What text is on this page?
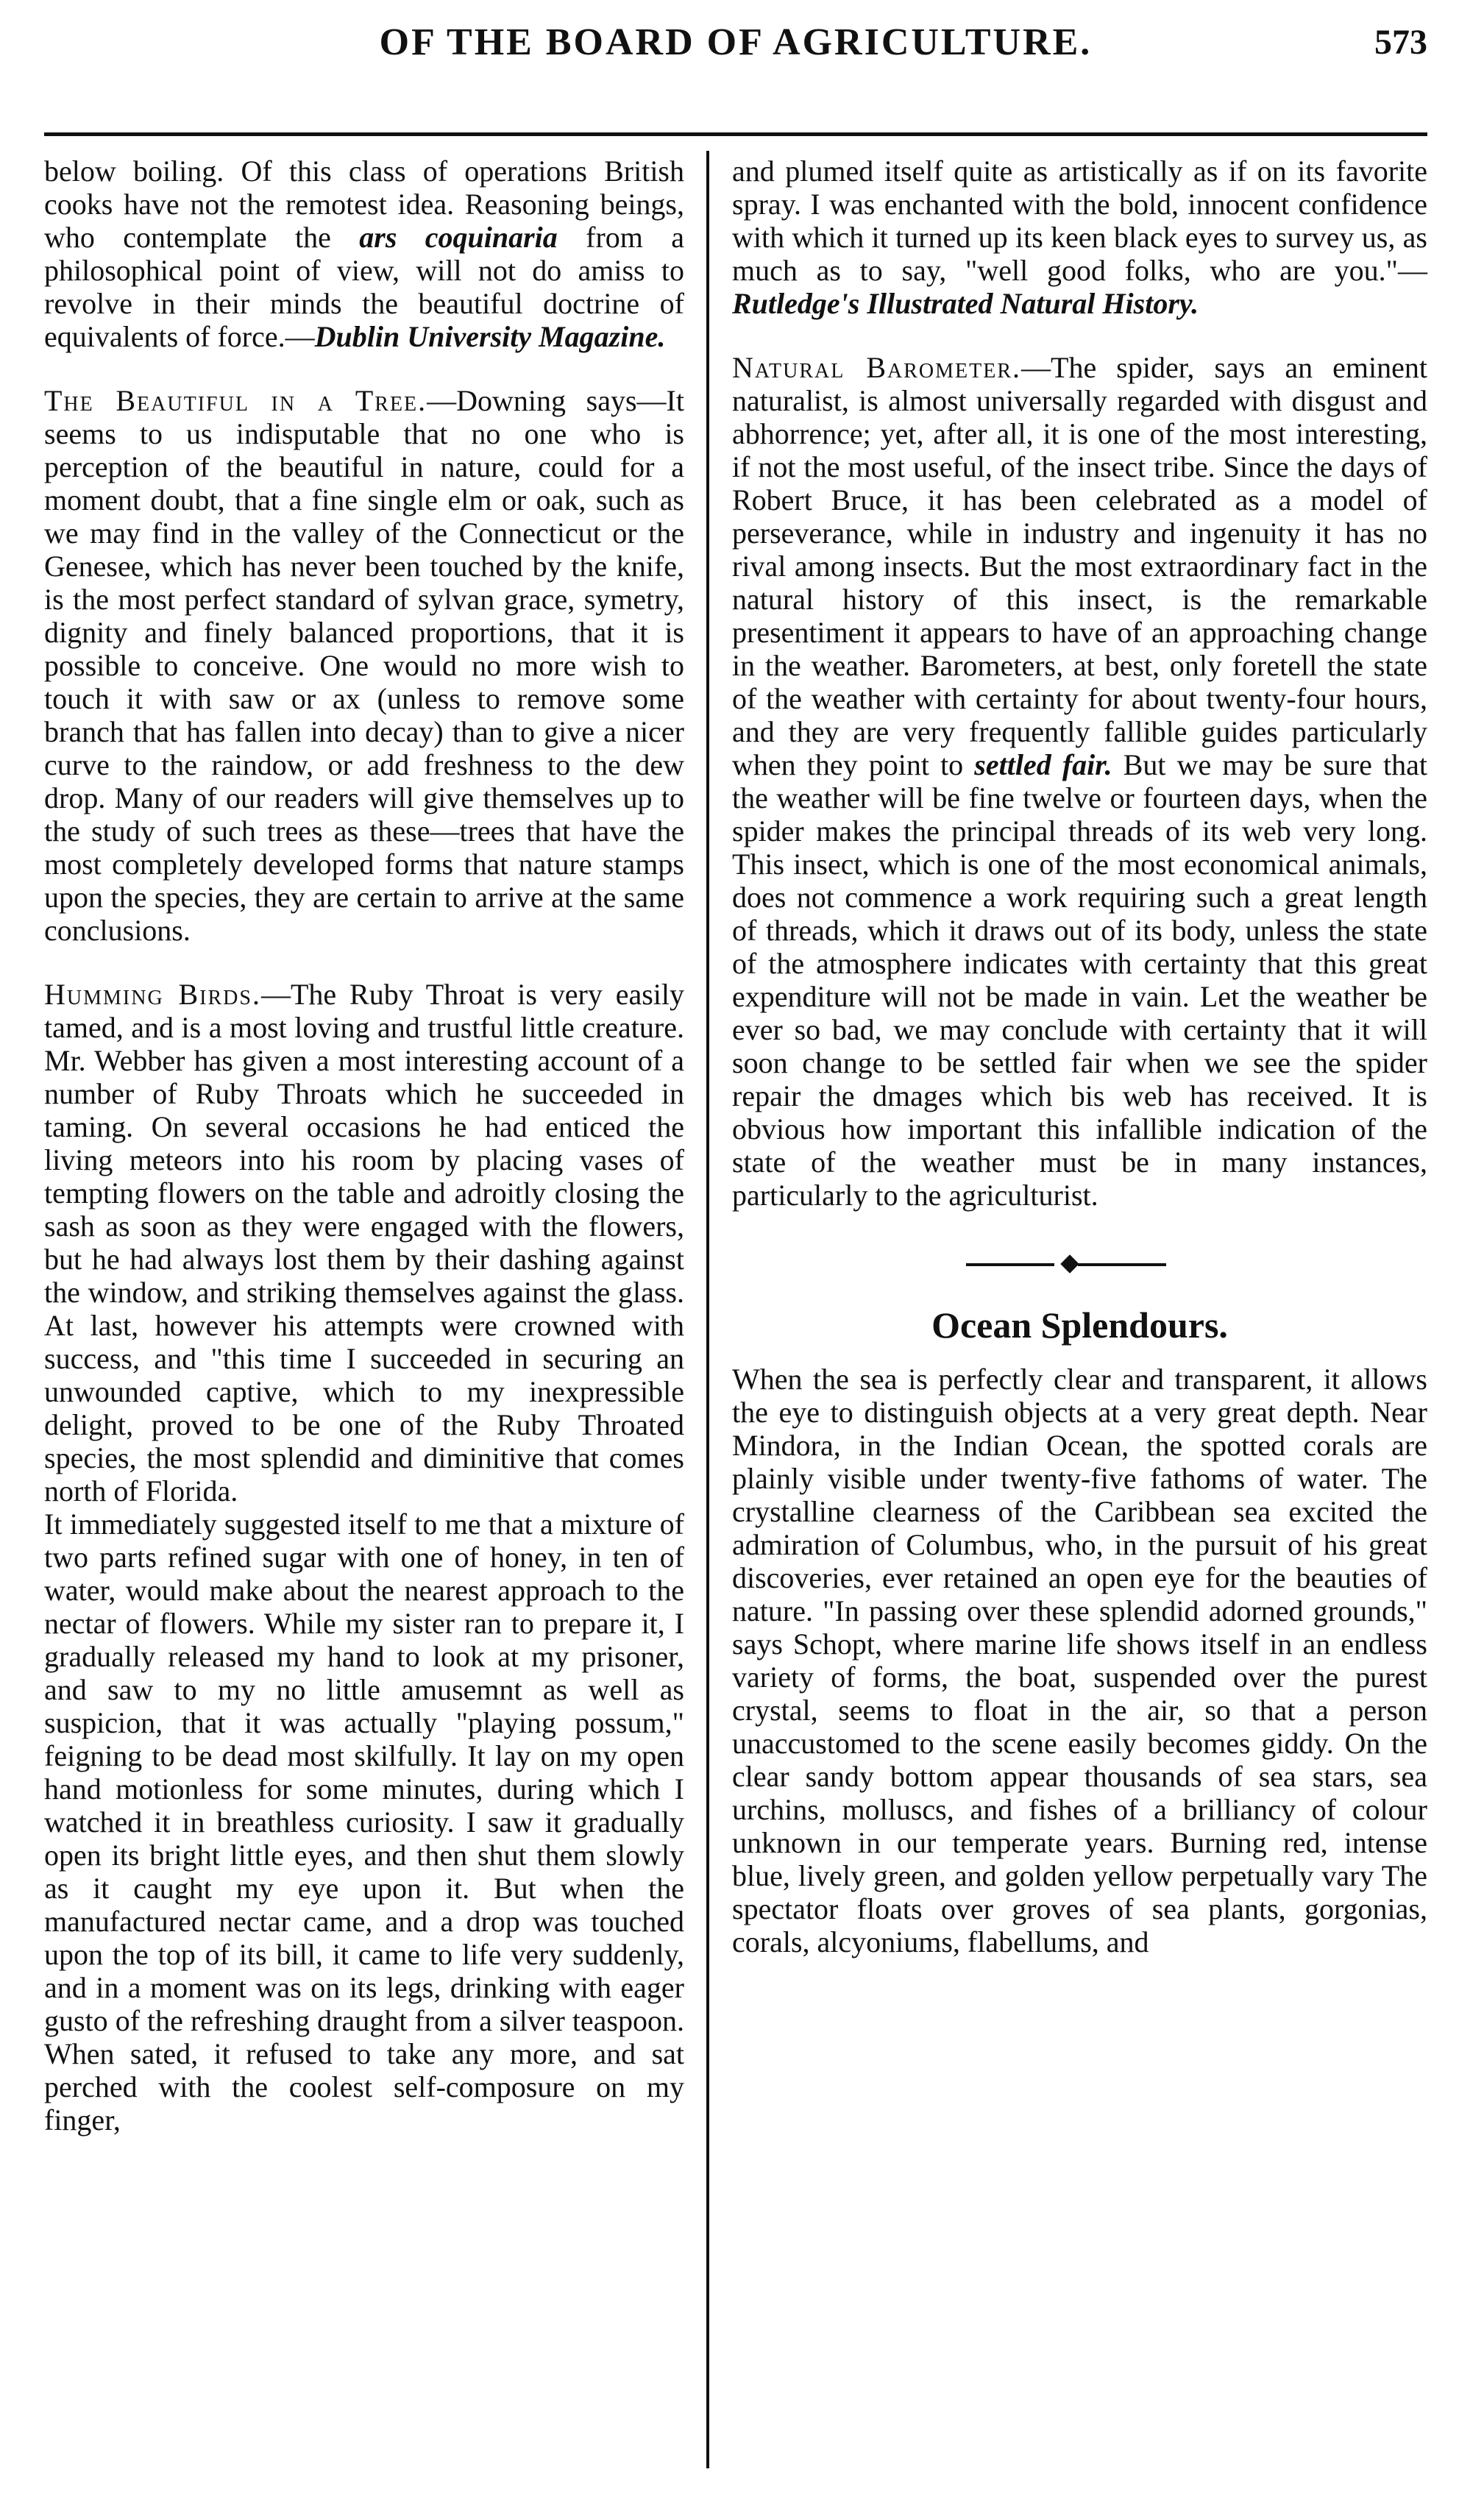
OF THE BOARD OF AGRICULTURE.	573

below boiling. Of this class of operations British cooks have not the remotest idea. Reasoning beings, who contemplate the ars coquinaria from a philosophical point of view, will not do amiss to revolve in their minds the beautiful doctrine of equivalents of force.—Dublin University Magazine.

The Beautiful in a Tree.—Downing says—It seems to us indisputable that no one who is perception of the beautiful in nature, could for a moment doubt, that a fine single elm or oak, such as we may find in the valley of the Connecticut or the Genesee, which has never been touched by the knife, is the most perfect standard of sylvan grace, symetry, dignity and finely balanced proportions, that it is possible to conceive. One would no more wish to touch it with saw or ax (unless to remove some branch that has fallen into decay) than to give a nicer curve to the raindow, or add freshness to the dew drop. Many of our readers will give themselves up to the study of such trees as these—trees that have the most completely developed forms that nature stamps upon the species, they are certain to arrive at the same conclusions.

Humming Birds.—The Ruby Throat is very easily tamed, and is a most loving and trustful little creature. Mr. Webber has given a most interesting account of a number of Ruby Throats which he succeeded in taming. On several occasions he had enticed the living meteors into his room by placing vases of tempting flowers on the table and adroitly closing the sash as soon as they were engaged with the flowers, but he had always lost them by their dashing against the window, and striking themselves against the glass. At last, however his attempts were crowned with success, and "this time I succeeded in securing an unwounded captive, which to my inexpressible delight, proved to be one of the Ruby Throated species, the most splendid and diminitive that comes north of Florida.

It immediately suggested itself to me that a mixture of two parts refined sugar with one of honey, in ten of water, would make about the nearest approach to the nectar of flowers. While my sister ran to prepare it, I gradually released my hand to look at my prisoner, and saw to my no little amusemnt as well as suspicion, that it was actually "playing possum," feigning to be dead most skilfully. It lay on my open hand motionless for some minutes, during which I watched it in breathless curiosity. I saw it gradually open its bright little eyes, and then shut them slowly as it caught my eye upon it. But when the manufactured nectar came, and a drop was touched upon the top of its bill, it came to life very suddenly, and in a moment was on its legs, drinking with eager gusto of the refreshing draught from a silver teaspoon. When sated, it refused to take any more, and sat perched with the coolest self-composure on my finger,

and plumed itself quite as artistically as if on its favorite spray. I was enchanted with the bold, innocent confidence with which it turned up its keen black eyes to survey us, as much as to say, "well good folks, who are you."—Rutledge's Illustrated Natural History.

Natural Barometer.—The spider, says an eminent naturalist, is almost universally regarded with disgust and abhorrence; yet, after all, it is one of the most interesting, if not the most useful, of the insect tribe. Since the days of Robert Bruce, it has been celebrated as a model of perseverance, while in industry and ingenuity it has no rival among insects. But the most extraordinary fact in the natural history of this insect, is the remarkable presentiment it appears to have of an approaching change in the weather. Barometers, at best, only foretell the state of the weather with certainty for about twenty-four hours, and they are very frequently fallible guides particularly when they point to settled fair. But we may be sure that the weather will be fine twelve or fourteen days, when the spider makes the principal threads of its web very long. This insect, which is one of the most economical animals, does not commence a work requiring such a great length of threads, which it draws out of its body, unless the state of the atmosphere indicates with certainty that this great expenditure will not be made in vain. Let the weather be ever so bad, we may conclude with certainty that it will soon change to be settled fair when we see the spider repair the dmages which bis web has received. It is obvious how important this infallible indication of the state of the weather must be in many instances, particularly to the agriculturist.

Ocean Splendours.

When the sea is perfectly clear and transparent, it allows the eye to distinguish objects at a very great depth. Near Mindora, in the Indian Ocean, the spotted corals are plainly visible under twenty-five fathoms of water. The crystalline clearness of the Caribbean sea excited the admiration of Columbus, who, in the pursuit of his great discoveries, ever retained an open eye for the beauties of nature. "In passing over these splendid adorned grounds," says Schopt, where marine life shows itself in an endless variety of forms, the boat, suspended over the purest crystal, seems to float in the air, so that a person unaccustomed to the scene easily becomes giddy. On the clear sandy bottom appear thousands of sea stars, sea urchins, molluscs, and fishes of a brilliancy of colour unknown in our temperate years. Burning red, intense blue, lively green, and golden yellow perpetually vary The spectator floats over groves of sea plants, gorgonias, corals, alcyoniums, flabellums, and
